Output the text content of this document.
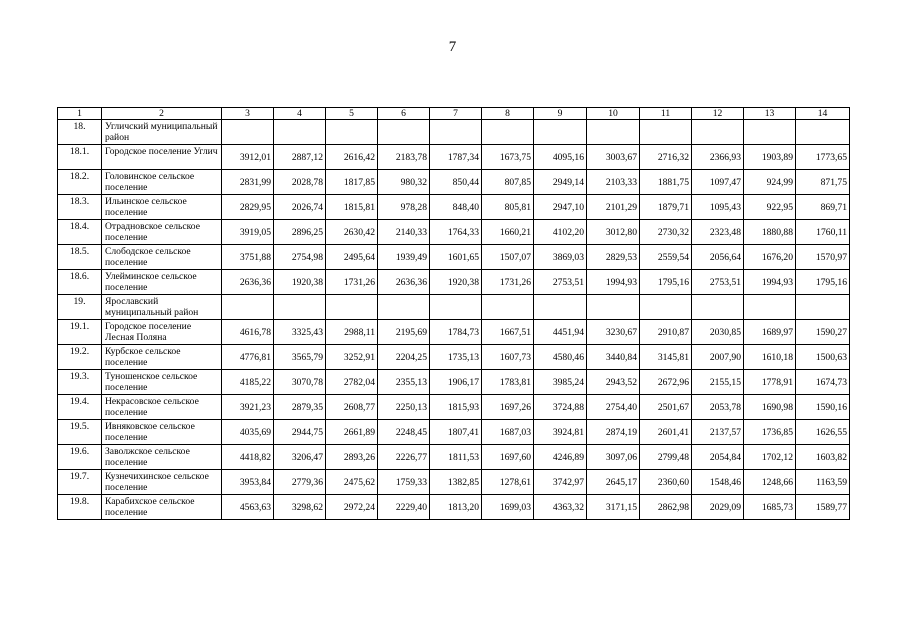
7
1	2	3	4	5	6	7	8	9	10	11	12	13	14
18.	Угличский муниципальный район												
18.1.	Городское поселение Углич	3912,01	2887,12	2616,42	2183,78	1787,34	1673,75	4095,16	3003,67	2716,32	2366,93	1903,89	1773,65
18.2.	Головинское сельское поселение	2831,99	2028,78	1817,85	980,32	850,44	807,85	2949,14	2103,33	1881,75	1097,47	924,99	871,75
18.3.	Ильинское сельское поселение	2829,95	2026,74	1815,81	978,28	848,40	805,81	2947,10	2101,29	1879,71	1095,43	922,95	869,71
18.4.	Отрадновское сельское поселение	3919,05	2896,25	2630,42	2140,33	1764,33	1660,21	4102,20	3012,80	2730,32	2323,48	1880,88	1760,11
18.5.	Слободское сельское поселение	3751,88	2754,98	2495,64	1939,49	1601,65	1507,07	3869,03	2829,53	2559,54	2056,64	1676,20	1570,97
18.6.	Улейминское сельское поселение	2636,36	1920,38	1731,26	2636,36	1920,38	1731,26	2753,51	1994,93	1795,16	2753,51	1994,93	1795,16
19.	Ярославский муниципальный район												
19.1.	Городское поселение Лесная Поляна	4616,78	3325,43	2988,11	2195,69	1784,73	1667,51	4451,94	3230,67	2910,87	2030,85	1689,97	1590,27
19.2.	Курбское сельское поселение	4776,81	3565,79	3252,91	2204,25	1735,13	1607,73	4580,46	3440,84	3145,81	2007,90	1610,18	1500,63
19.3.	Туношенское сельское поселение	4185,22	3070,78	2782,04	2355,13	1906,17	1783,81	3985,24	2943,52	2672,96	2155,15	1778,91	1674,73
19.4.	Некрасовское сельское поселение	3921,23	2879,35	2608,77	2250,13	1815,93	1697,26	3724,88	2754,40	2501,67	2053,78	1690,98	1590,16
19.5.	Ивняковское сельское поселение	4035,69	2944,75	2661,89	2248,45	1807,41	1687,03	3924,81	2874,19	2601,41	2137,57	1736,85	1626,55
19.6.	Заволжское сельское поселение	4418,82	3206,47	2893,26	2226,77	1811,53	1697,60	4246,89	3097,06	2799,48	2054,84	1702,12	1603,82
19.7.	Кузнечихинское сельское поселение	3953,84	2779,36	2475,62	1759,33	1382,85	1278,61	3742,97	2645,17	2360,60	1548,46	1248,66	1163,59
19.8.	Карабихское сельское поселение	4563,63	3298,62	2972,24	2229,40	1813,20	1699,03	4363,32	3171,15	2862,98	2029,09	1685,73	1589,77
